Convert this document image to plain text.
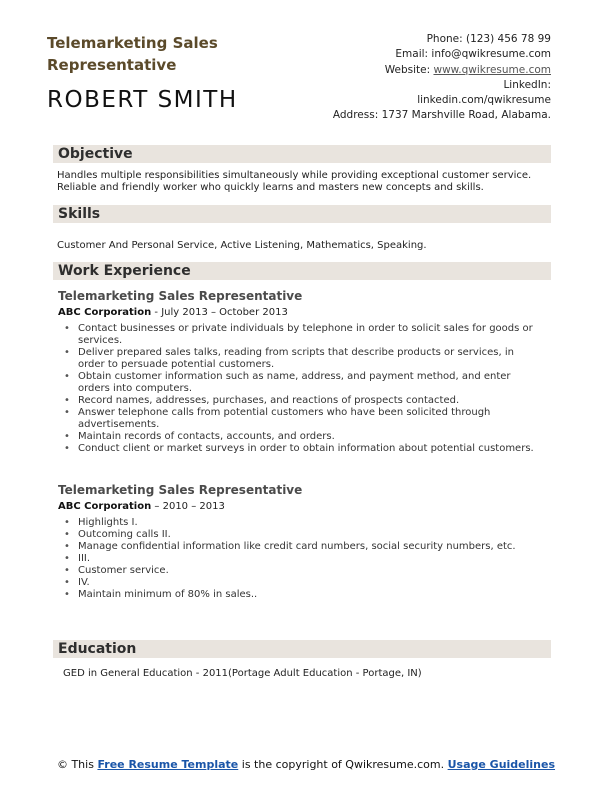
Telemarketing Sales Representative
ROBERT SMITH
Phone: (123) 456 78 99
Email: info@qwikresume.com
Website: www.qwikresume.com
LinkedIn:
linkedin.com/qwikresume
Address: 1737 Marshville Road, Alabama.
Objective
Handles multiple responsibilities simultaneously while providing exceptional customer service. Reliable and friendly worker who quickly learns and masters new concepts and skills.
Skills
Customer And Personal Service, Active Listening, Mathematics, Speaking.
Work Experience
Telemarketing Sales Representative
ABC Corporation - July 2013 – October 2013
• Contact businesses or private individuals by telephone in order to solicit sales for goods or services.
• Deliver prepared sales talks, reading from scripts that describe products or services, in order to persuade potential customers.
• Obtain customer information such as name, address, and payment method, and enter orders into computers.
• Record names, addresses, purchases, and reactions of prospects contacted.
• Answer telephone calls from potential customers who have been solicited through advertisements.
• Maintain records of contacts, accounts, and orders.
• Conduct client or market surveys in order to obtain information about potential customers.
Telemarketing Sales Representative
ABC Corporation – 2010 – 2013
• Highlights I.
• Outcoming calls II.
• Manage confidential information like credit card numbers, social security numbers, etc.
• III.
• Customer service.
• IV.
• Maintain minimum of 80% in sales..
Education
GED in General Education - 2011(Portage Adult Education - Portage, IN)
© This Free Resume Template is the copyright of Qwikresume.com. Usage Guidelines
